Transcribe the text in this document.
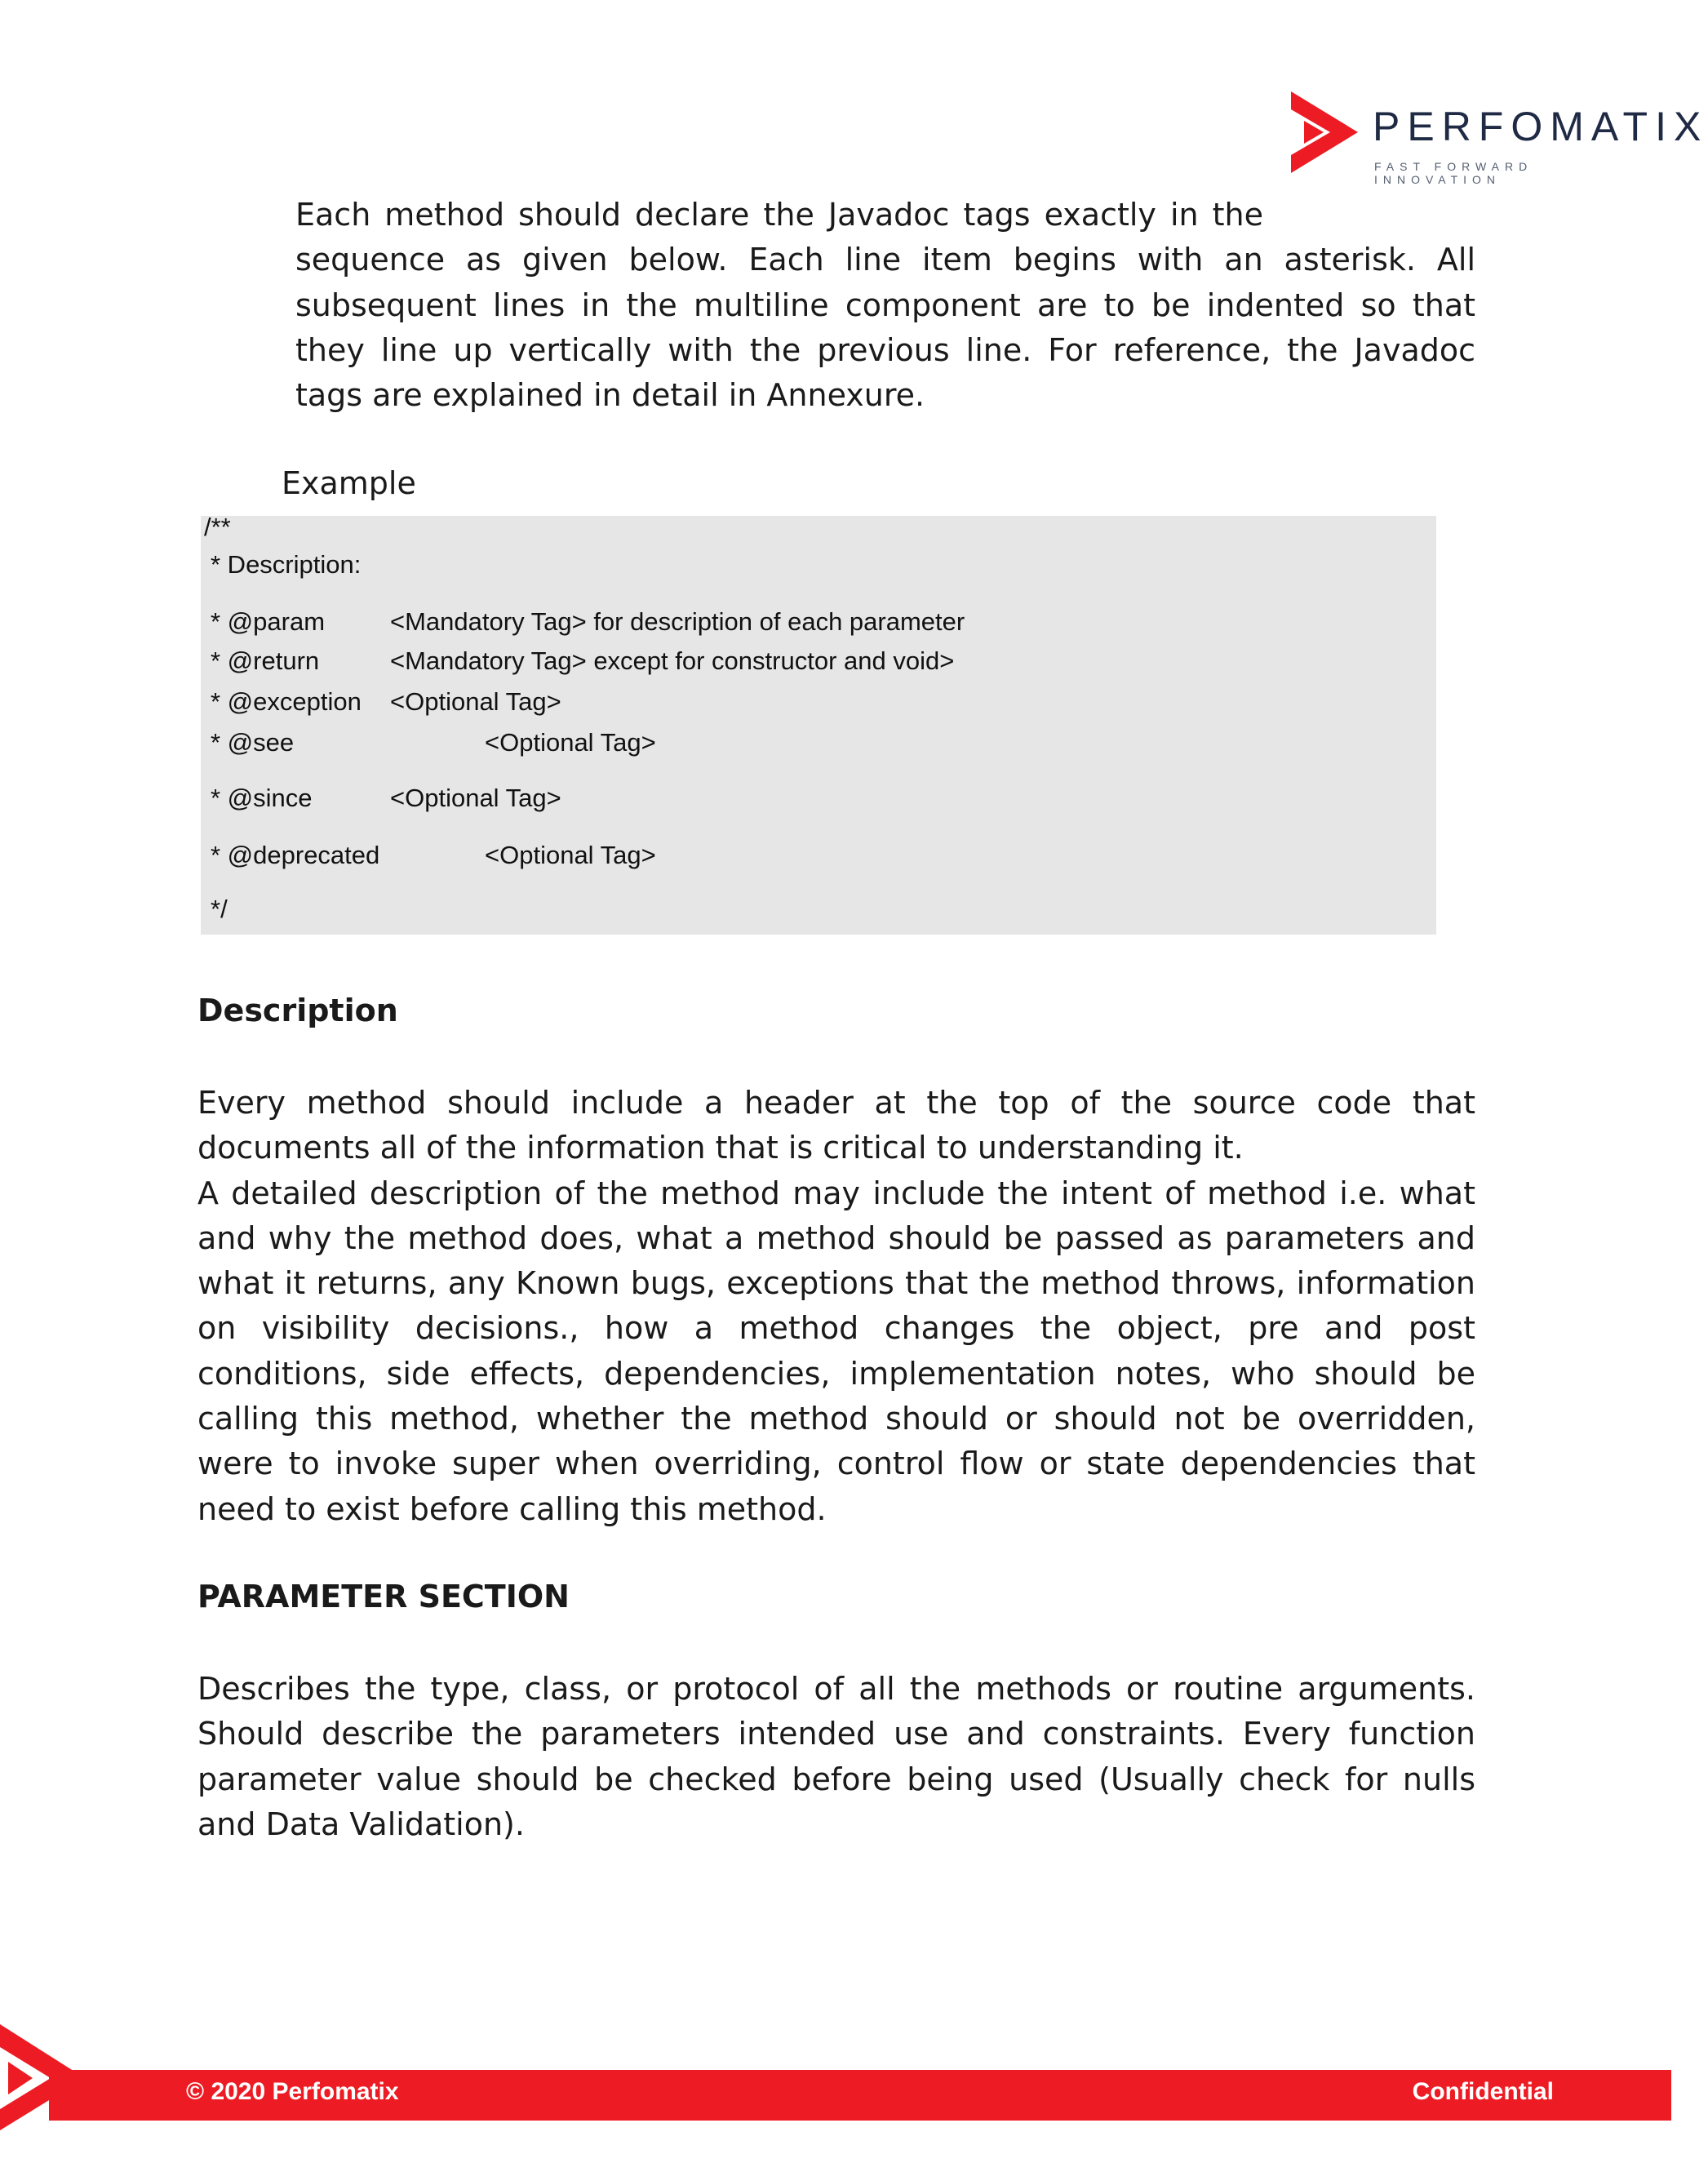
PERFOMATIX
FAST FORWARD INNOVATION

Each method should declare the Javadoc tags exactly in the
sequence as given below. Each line item begins with an asterisk. All subsequent lines in the multiline component are to be indented so that they line up vertically with the previous line. For reference, the Javadoc tags are explained in detail in Annexure.

Example

/**
* Description:
* @param	<Mandatory Tag> for description of each parameter
* @return	<Mandatory Tag> except for constructor and void>
* @exception <Optional Tag>
* @see	<Optional Tag>
* @since	<Optional Tag>
* @deprecated	<Optional Tag>
*/

Description

Every method should include a header at the top of the source code that documents all of the information that is critical to understanding it.
A detailed description of the method may include the intent of method i.e. what and why the method does, what a method should be passed as parameters and what it returns, any Known bugs, exceptions that the method throws, information on visibility decisions., how a method changes the object, pre and post conditions, side effects, dependencies, implementation notes, who should be calling this method, whether the method should or should not be overridden, were to invoke super when overriding, control flow or state dependencies that need to exist before calling this method.

PARAMETER SECTION

Describes the type, class, or protocol of all the methods or routine arguments. Should describe the parameters intended use and constraints. Every function parameter value should be checked before being used (Usually check for nulls and Data Validation).

© 2020 Perfomatix	Confidential
